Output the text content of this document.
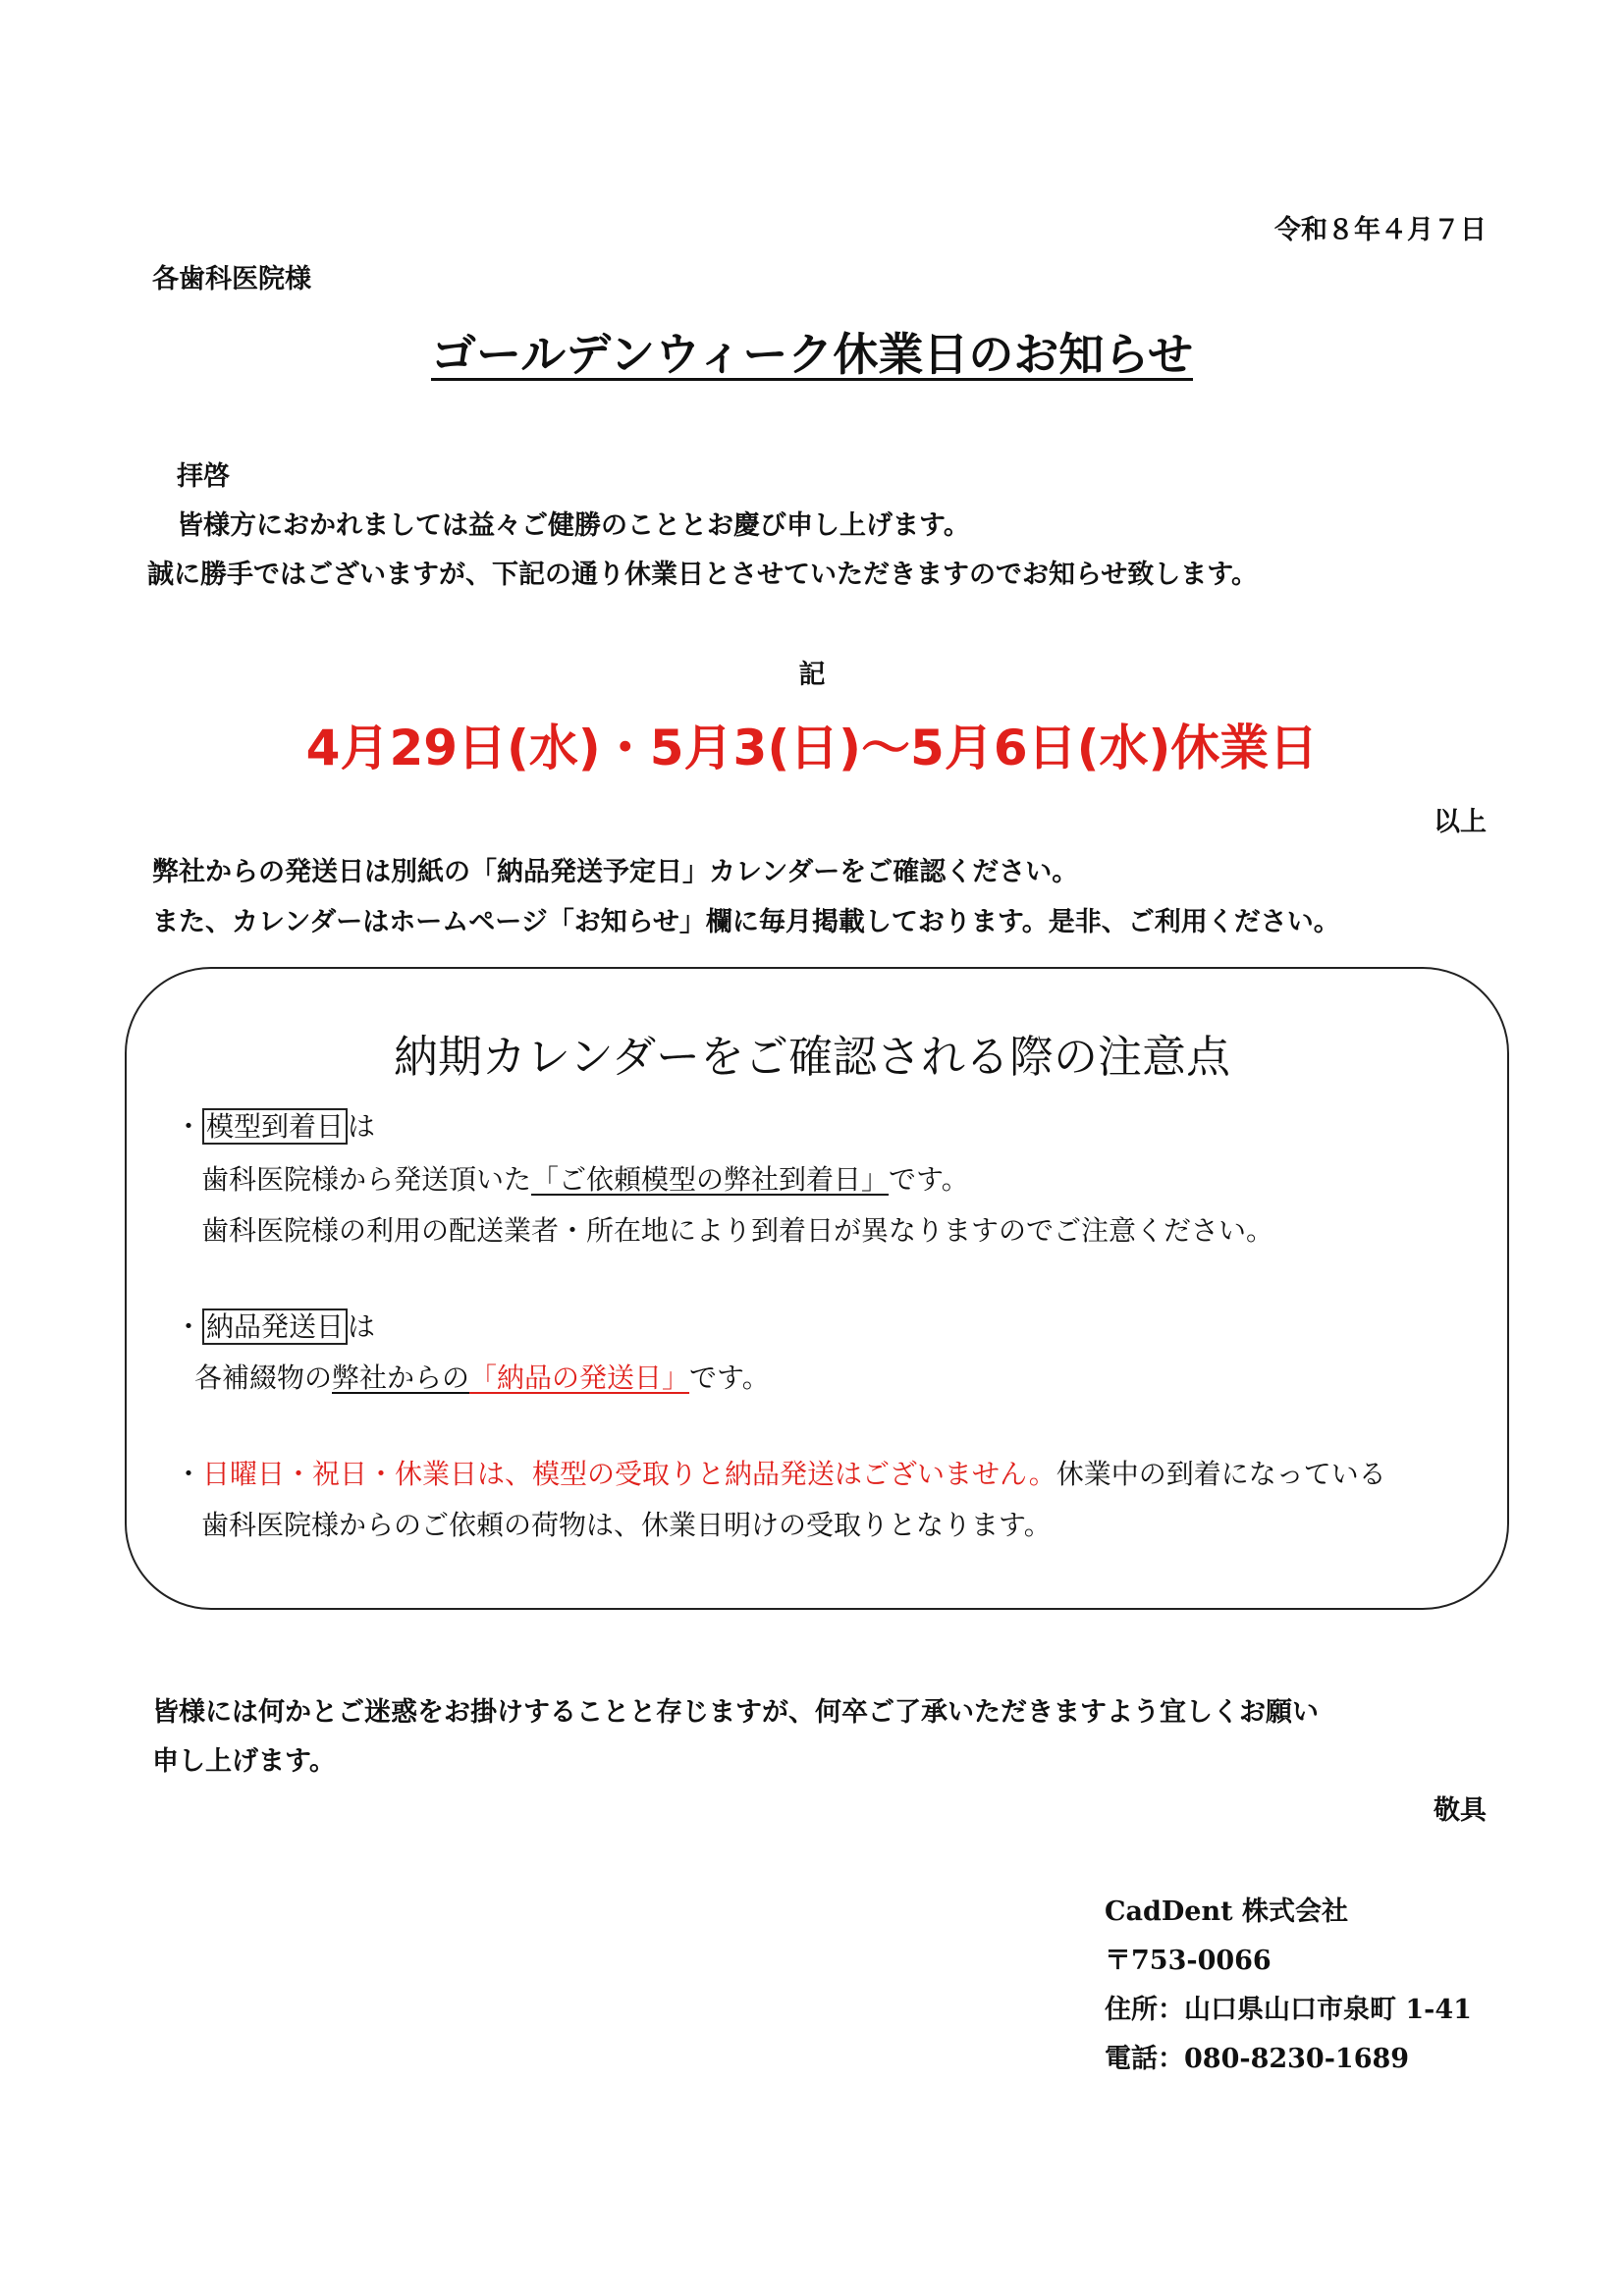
令和８年４月７日

各歯科医院様

ゴールデンウィーク休業日のお知らせ

拝啓

皆様方におかれましては益々ご健勝のこととお慶び申し上げます。

誠に勝手ではございますが、下記の通り休業日とさせていただきますのでお知らせ致します。

記

4月29日(水)・5月3(日)～5月6日(水)休業日

以上

弊社からの発送日は別紙の「納品発送予定日」カレンダーをご確認ください。

また、カレンダーはホームページ「お知らせ」欄に毎月掲載しております。是非、ご利用ください。

納期カレンダーをご確認される際の注意点

・ 模型到着日 は

歯科医院様から発送頂いた「ご依頼模型の弊社到着日」です。

歯科医院様の利用の配送業者・所在地により到着日が異なりますのでご注意ください。

・ 納品発送日 は

各補綴物の弊社からの「納品の発送日」です。

・日曜日・祝日・休業日は、模型の受取りと納品発送はございません。休業中の到着になっている

歯科医院様からのご依頼の荷物は、休業日明けの受取りとなります。

皆様には何かとご迷惑をお掛けすることと存じますが、何卒ご了承いただきますよう宜しくお願い

申し上げます。

敬具

CadDent 株式会社

〒753-0066

住所：山口県山口市泉町 1-41

電話：080-8230-1689
